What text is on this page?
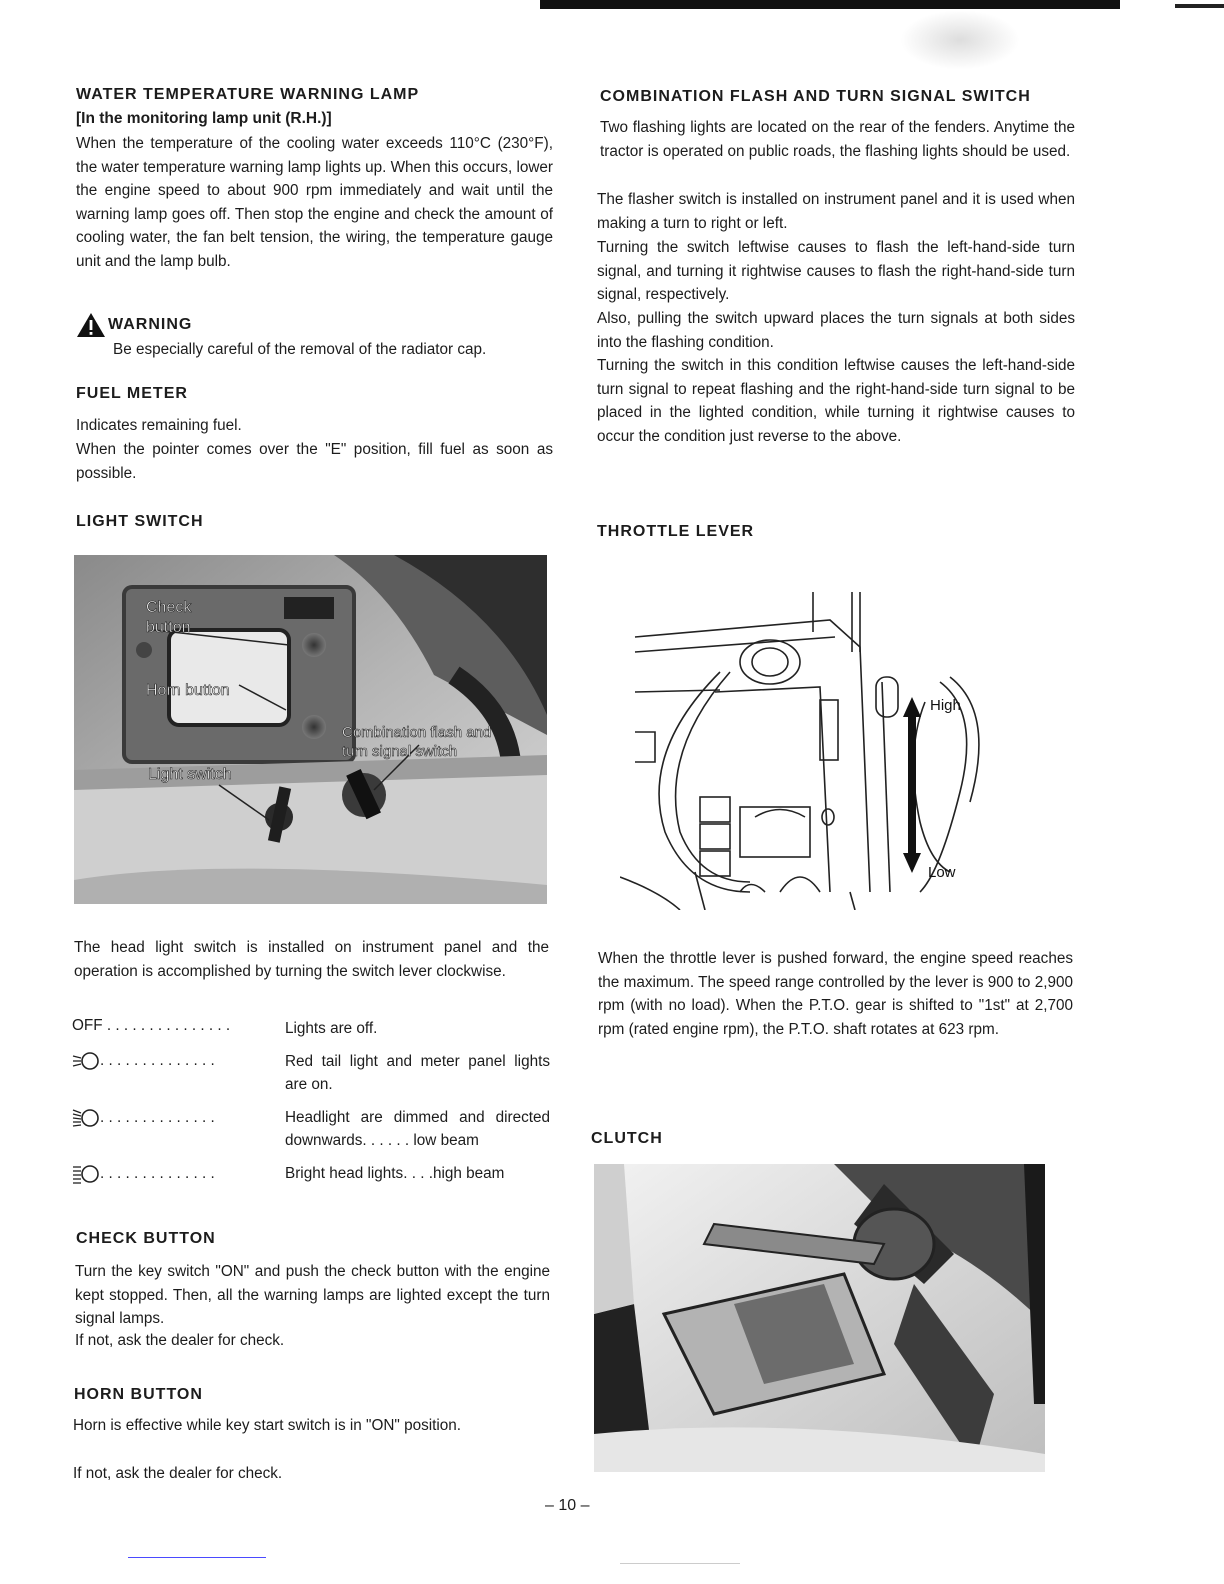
WATER TEMPERATURE WARNING LAMP
[In the monitoring lamp unit (R.H.)]

When the temperature of the cooling water exceeds 110°C (230°F), the water temperature warning lamp lights up. When this occurs, lower the engine speed to about 900 rpm immediately and wait until the warning lamp goes off. Then stop the engine and check the amount of cooling water, the fan belt tension, the wiring, the temperature gauge unit and the lamp bulb.

WARNING

Be especially careful of the removal of the radiator cap.

FUEL METER

Indicates remaining fuel.

When the pointer comes over the "E" position, fill fuel as soon as possible.

LIGHT SWITCH
Check
button
Horn button
Combination flash and
turn signal switch
Light switch

The head light switch is installed on instrument panel and the operation is accomplished by turning the switch lever clockwise.

OFF . . . . . . . . . . . . . . .	Lights are off.
. . . . . . . . . . . . . .	Red tail light and meter panel lights are on.
. . . . . . . . . . . . . .	Headlight are dimmed and directed downwards. . . . . . low beam
. . . . . . . . . . . . . .	Bright head lights. . . .high beam
CHECK BUTTON

Turn the key switch "ON" and push the check button with the engine kept stopped. Then, all the warning lamps are lighted except the turn signal lamps.

If not, ask the dealer for check.

HORN BUTTON

Horn is effective while key start switch is in "ON" position.

If not, ask the dealer for check.

COMBINATION FLASH AND TURN SIGNAL SWITCH

Two flashing lights are located on the rear of the fenders. Anytime the tractor is operated on public roads, the flashing lights should be used.

The flasher switch is installed on instrument panel and it is used when making a turn to right or left.

Turning the switch leftwise causes to flash the left-hand-side turn signal, and turning it rightwise causes to flash the right-hand-side turn signal, respectively.

Also, pulling the switch upward places the turn signals at both sides into the flashing condition.

Turning the switch in this condition leftwise causes the left-hand-side turn signal to repeat flashing and the right-hand-side turn signal to be placed in the lighted condition, while turning it rightwise causes to occur the condition just reverse to the above.

THROTTLE LEVER
High
Low

When the throttle lever is pushed forward, the engine speed reaches the maximum. The speed range controlled by the lever is 900 to 2,900 rpm (with no load). When the P.T.O. gear is shifted to "1st" at 2,700 rpm (rated engine rpm), the P.T.O. shaft rotates at 623 rpm.

CLUTCH
– 10 –
